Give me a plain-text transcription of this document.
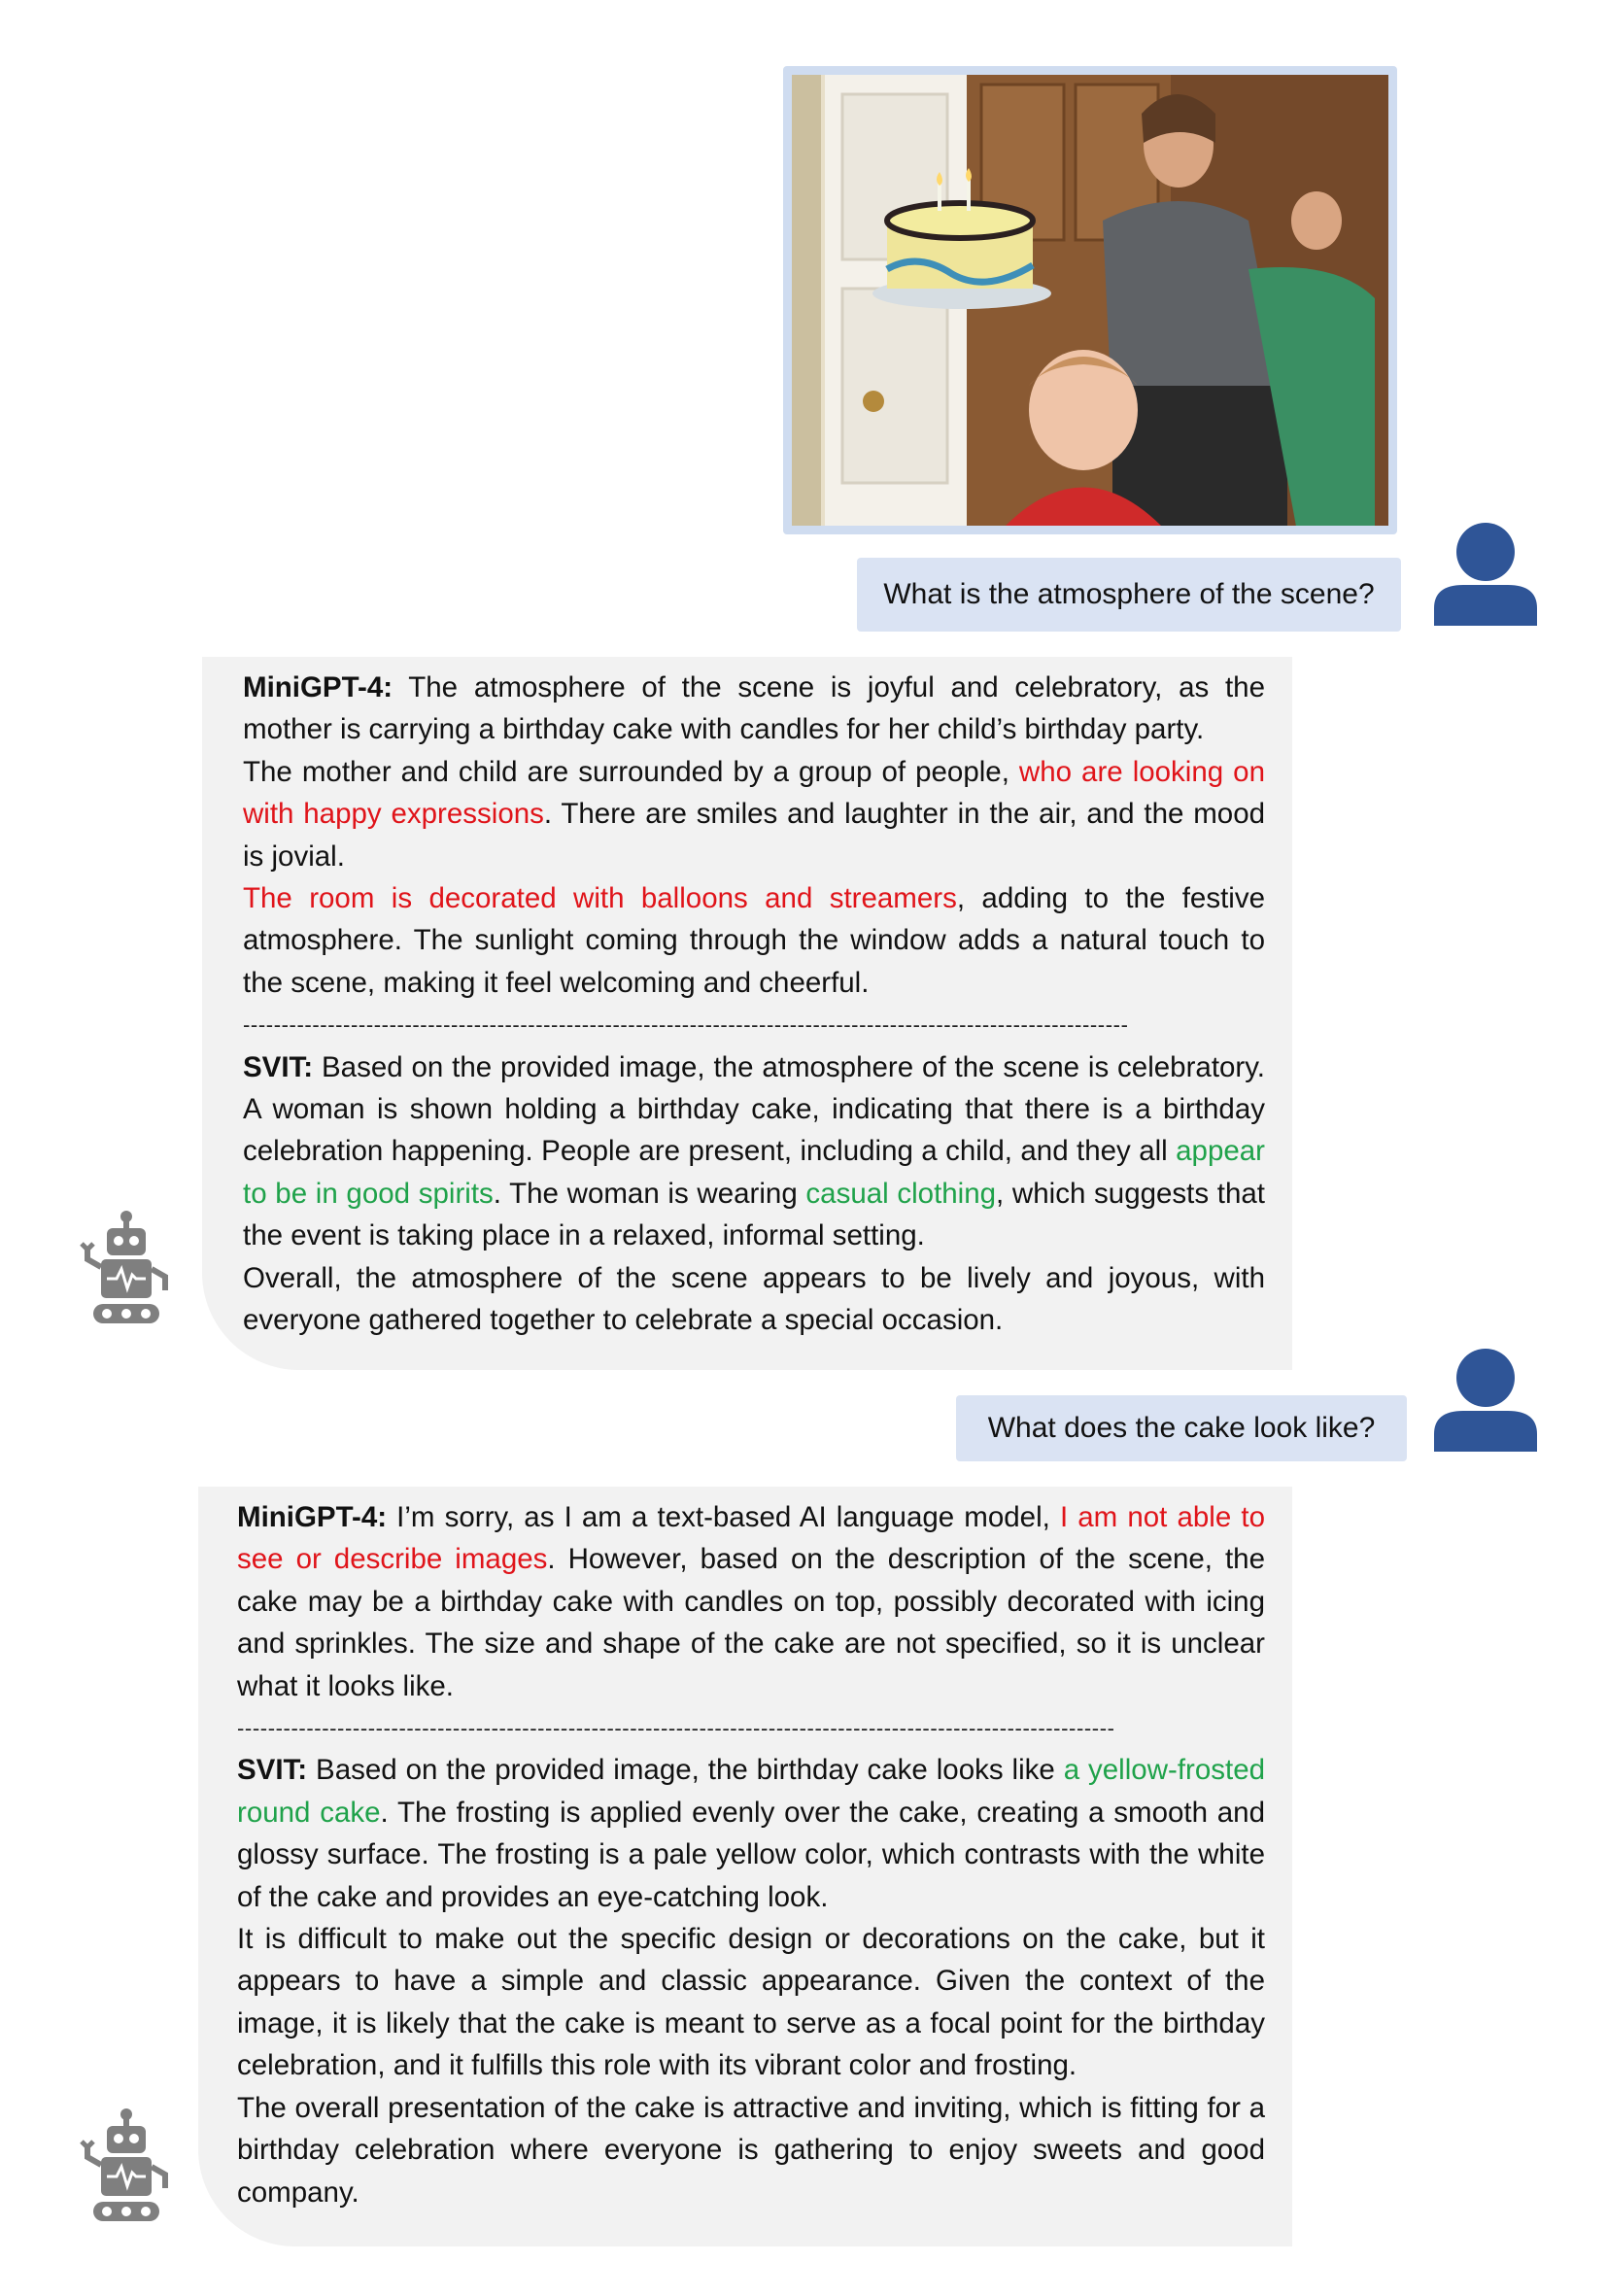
What is the atmosphere of the scene?

MiniGPT-4: The atmosphere of the scene is joyful and celebratory, as the mother is carrying a birthday cake with candles for her child’s birthday party.

The mother and child are surrounded by a group of people, who are looking on with happy expressions. There are smiles and laughter in the air, and the mood is jovial.

The room is decorated with balloons and streamers, adding to the festive atmosphere. The sunlight coming through the window adds a natural touch to the scene, making it feel welcoming and cheerful.

-------------------------------------------------------------------------------------------------------------------

SVIT: Based on the provided image, the atmosphere of the scene is celebratory. A woman is shown holding a birthday cake, indicating that there is a birthday celebration happening. People are present, including a child, and they all appear to be in good spirits. The woman is wearing casual clothing, which suggests that the event is taking place in a relaxed, informal setting.

Overall, the atmosphere of the scene appears to be lively and joyous, with everyone gathered together to celebrate a special occasion.

What does the cake look like?

MiniGPT-4: I’m sorry, as I am a text-based AI language model, I am not able to see or describe images. However, based on the description of the scene, the cake may be a birthday cake with candles on top, possibly decorated with icing and sprinkles. The size and shape of the cake are not specified, so it is unclear what it looks like.

------------------------------------------------------------------------------------------------------------------

SVIT: Based on the provided image, the birthday cake looks like a yellow-frosted round cake. The frosting is applied evenly over the cake, creating a smooth and glossy surface. The frosting is a pale yellow color, which contrasts with the white of the cake and provides an eye-catching look.

It is difficult to make out the specific design or decorations on the cake, but it appears to have a simple and classic appearance. Given the context of the image, it is likely that the cake is meant to serve as a focal point for the birthday celebration, and it fulfills this role with its vibrant color and frosting.

The overall presentation of the cake is attractive and inviting, which is fitting for a birthday celebration where everyone is gathering to enjoy sweets and good company.
